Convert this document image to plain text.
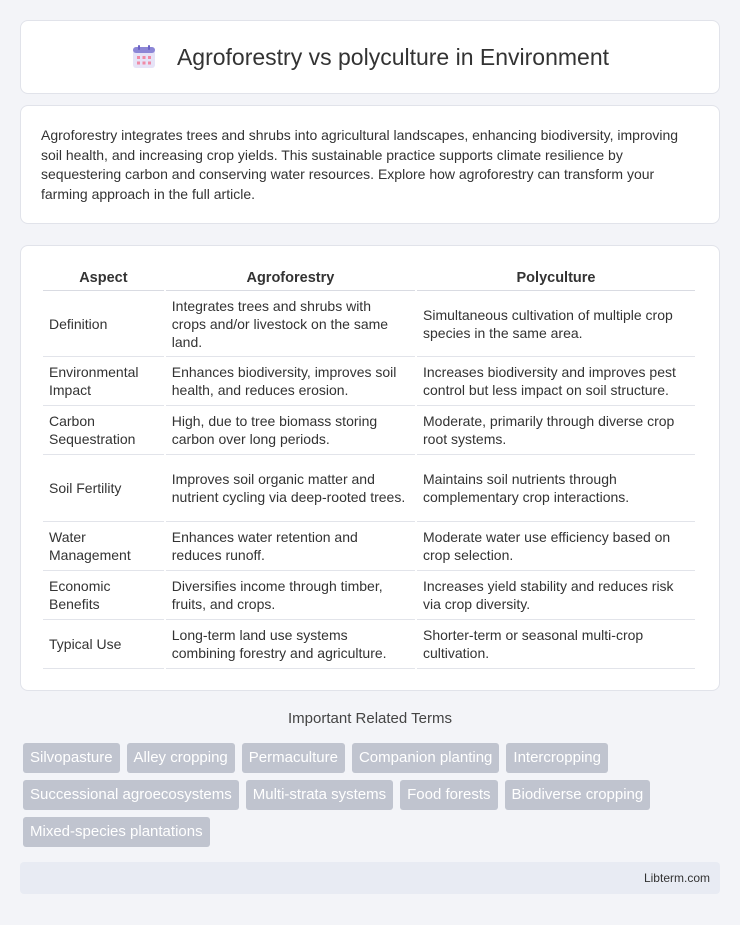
Agroforestry vs polyculture in Environment

Agroforestry integrates trees and shrubs into agricultural landscapes, enhancing biodiversity, improving soil health, and increasing crop yields. This sustainable practice supports climate resilience by sequestering carbon and conserving water resources. Explore how agroforestry can transform your farming approach in the full article.

Aspect	Agroforestry	Polyculture
Definition	Integrates trees and shrubs with crops and/or livestock on the same land.	Simultaneous cultivation of multiple crop species in the same area.
Environmental Impact	Enhances biodiversity, improves soil health, and reduces erosion.	Increases biodiversity and improves pest control but less impact on soil structure.
Carbon Sequestration	High, due to tree biomass storing carbon over long periods.	Moderate, primarily through diverse crop root systems.
Soil Fertility	Improves soil organic matter and nutrient cycling via deep-rooted trees.	Maintains soil nutrients through complementary crop interactions.
Water Management	Enhances water retention and reduces runoff.	Moderate water use efficiency based on crop selection.
Economic Benefits	Diversifies income through timber, fruits, and crops.	Increases yield stability and reduces risk via crop diversity.
Typical Use	Long-term land use systems combining forestry and agriculture.	Shorter-term or seasonal multi-crop cultivation.
Important Related Terms
Silvopasture	Alley cropping	Permaculture	Companion planting	Intercropping
Successional agroecosystems	Multi-strata systems	Food forests	Biodiverse cropping
Mixed-species plantations
Libterm.com
